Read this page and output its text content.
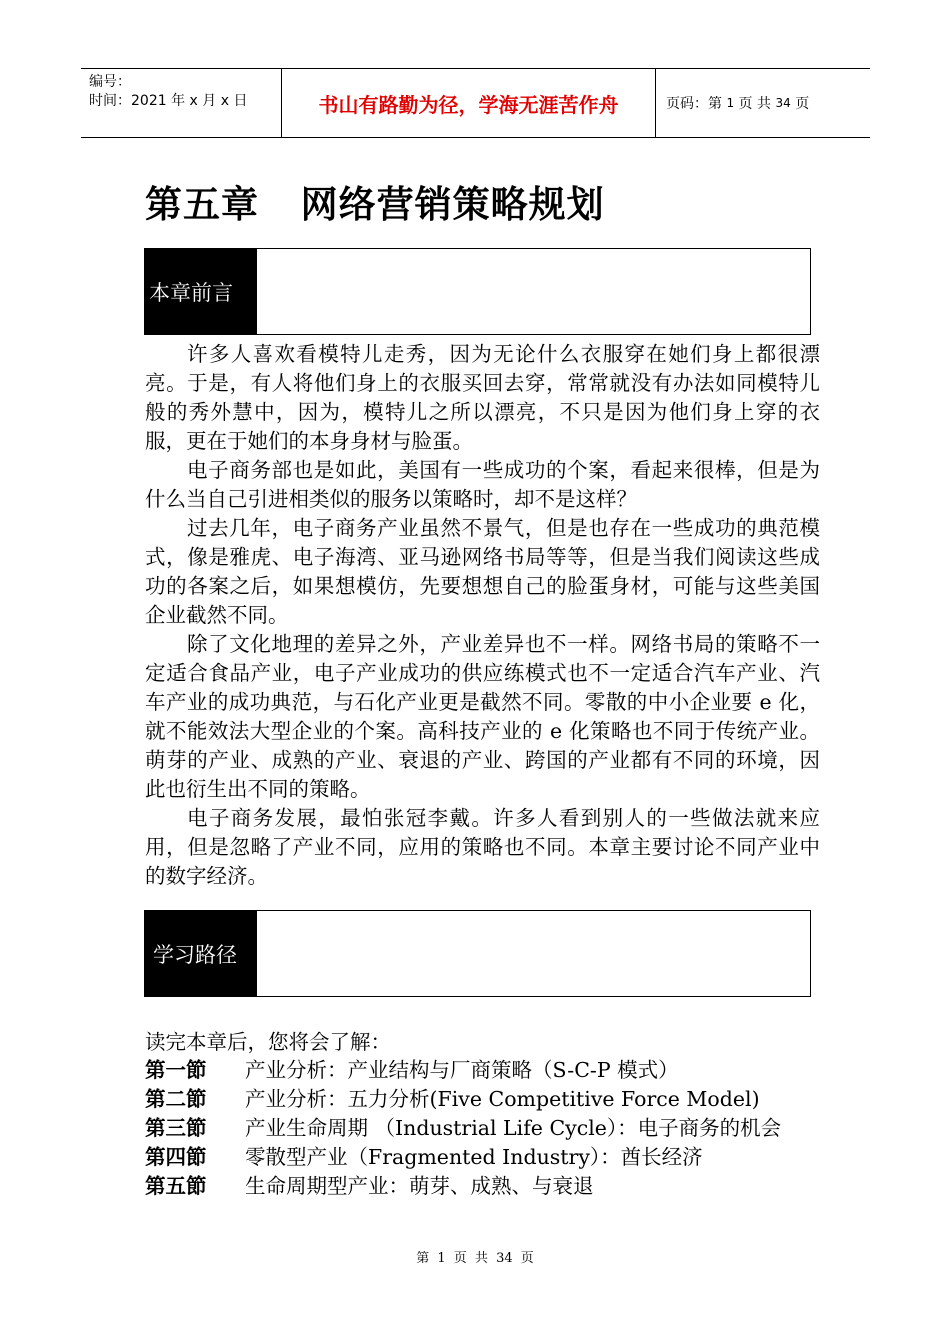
编号：
时间：2021 年 x 月 x 日	书山有路勤为径，学海无涯苦作舟	页码：第
1
页 共
34
页
第五章   网络营销策略规划
本章前言

许多人喜欢看模特儿走秀，因为无论什么衣服穿在她们身上都很漂亮。于是，有人将他们身上的衣服买回去穿，常常就没有办法如同模特儿般的秀外慧中，因为，模特儿之所以漂亮，不只是因为他们身上穿的衣服，更在于她们的本身身材与脸蛋。

电子商务部也是如此，美国有一些成功的个案，看起来很棒，但是为什么当自己引进相类似的服务以策略时，却不是这样？

过去几年，电子商务产业虽然不景气，但是也存在一些成功的典范模式，像是雅虎、电子海湾、亚马逊网络书局等等，但是当我们阅读这些成功的各案之后，如果想模仿，先要想想自己的脸蛋身材，可能与这些美国企业截然不同。

除了文化地理的差异之外，产业差异也不一样。网络书局的策略不一定适合食品产业，电子产业成功的供应练模式也不一定适合汽车产业、汽车产业的成功典范，与石化产业更是截然不同。零散的中小企业要 e 化，就不能效法大型企业的个案。高科技产业的 e 化策略也不同于传统产业。萌芽的产业、成熟的产业、衰退的产业、跨国的产业都有不同的环境，因此也衍生出不同的策略。

电子商务发展，最怕张冠李戴。许多人看到别人的一些做法就来应用，但是忽略了产业不同，应用的策略也不同。本章主要讨论不同产业中的数字经济。

学习路径
读完本章后，您将会了解：
第一節	产业分析：产业结构与厂商策略（S-C-P 模式）
第二節	产业分析：五力分析(Five Competitive Force Model)
第三節	产业生命周期 （Industrial Life Cycle）：电子商务的机会
第四節	零散型产业（Fragmented Industry）：酋长经济
第五節	生命周期型产业：萌芽、成熟、与衰退
第 1 页 共 34 页
